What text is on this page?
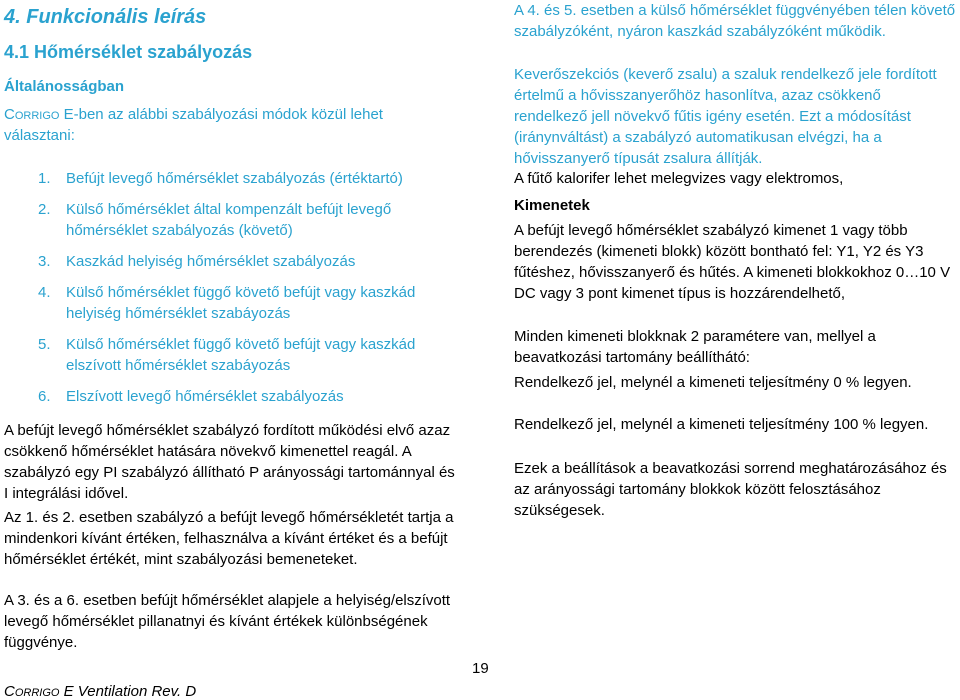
4. Funkcionális leírás
4.1 Hőmérséklet szabályozás
Általánosságban

Corrigo E-ben az alábbi szabályozási módok közül lehet választani:

1. Befújt levegő hőmérséklet szabályozás (értéktartó)
2. Külső hőmérséklet által kompenzált befújt levegő hőmérséklet szabályozás (követő)
3. Kaszkád helyiség hőmérséklet szabályozás
4. Külső hőmérséklet függő követő befújt vagy kaszkád helyiség hőmérséklet szabáyozás
5. Külső hőmérséklet függő követő befújt vagy kaszkád elszívott hőmérséklet szabáyozás
6. Elszívott levegő hőmérséklet szabályozás

A befújt levegő hőmérséklet szabályzó fordított működési elvő azaz csökkenő hőmérséklet hatására növekvő kimenettel reagál. A szabályzó egy PI szabályzó állítható P arányossági tartománnyal és I integrálási idővel.

Az 1. és 2. esetben szabályzó a befújt levegő hőmérsékletét tartja a mindenkori kívánt értéken, felhasználva a kívánt értéket és a befújt hőmérséklet értékét, mint szabályozási bemeneteket.

A 3. és a 6. esetben befújt hőmérséklet alapjele a helyiség/elszívott levegő hőmérséklet pillanatnyi és kívánt értékek különbségének függvénye.

A 4. és 5. esetben a külső hőmérséklet függvényében télen követő szabályzóként, nyáron kaszkád szabályzóként működik.

Keverőszekciós (keverő zsalu) a szaluk rendelkező jele fordított értelmű a hővisszanyerőhöz hasonlítva, azaz csökkenő rendelkező jell növekvő fűtis igény esetén. Ezt a módosítást (iránynváltást) a szabályzó automatikusan elvégzi, ha a hővisszanyerő típusát zsalura állítják.

A fűtő kalorifer lehet melegvizes vagy elektromos,

Kimenetek

A befújt levegő hőmérséklet szabályzó kimenet 1 vagy több berendezés (kimeneti blokk) között bontható fel: Y1, Y2 és Y3 fűtéshez, hővisszanyerő és hűtés. A kimeneti blokkokhoz 0…10 V DC vagy 3 pont kimenet típus is hozzárendelhető,

Minden kimeneti blokknak 2 paramétere van, mellyel a beavatkozási tartomány beállíthátó:

Rendelkező jel, melynél a kimeneti teljesítmény 0 % legyen.

Rendelkező jel, melynél a kimeneti teljesítmény 100 % legyen.

Ezek a beállítások a beavatkozási sorrend meghatározásához és az arányossági tartomány blokkok között felosztásához szükségesek.

19
Corrigo E Ventilation Rev. D
